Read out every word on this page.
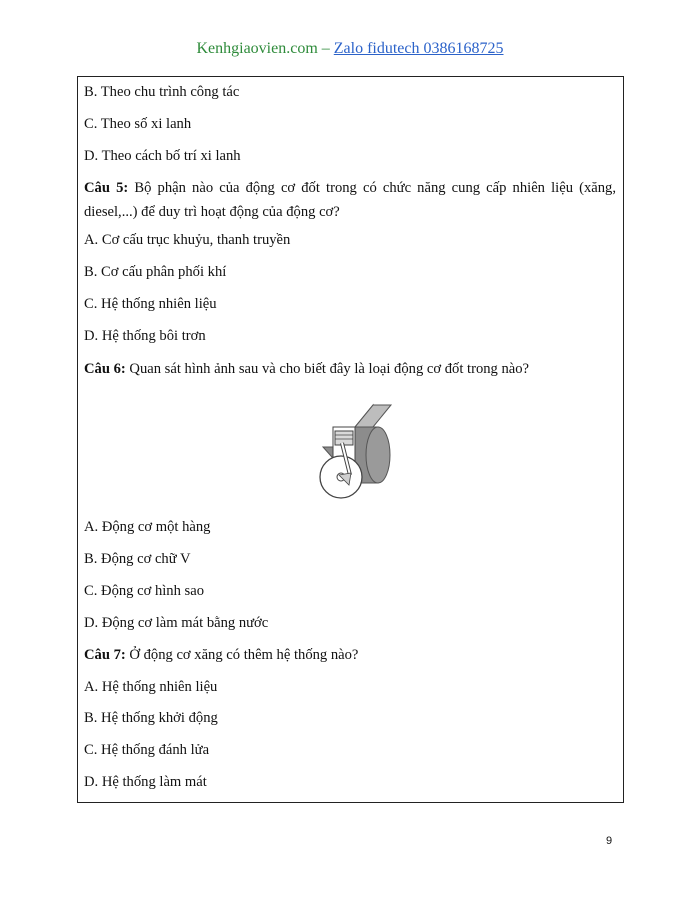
Kenhgiaovien.com – Zalo fidutech 0386168725
B. Theo chu trình công tác
C. Theo số xi lanh
D. Theo cách bố trí xi lanh
Câu 5: Bộ phận nào của động cơ đốt trong có chức năng cung cấp nhiên liệu (xăng, diesel,...) để duy trì hoạt động của động cơ?
A. Cơ cấu trục khuỷu, thanh truyền
B. Cơ cấu phân phối khí
C. Hệ thống nhiên liệu
D. Hệ thống bôi trơn
Câu 6: Quan sát hình ảnh sau và cho biết đây là loại động cơ đốt trong nào?
A. Động cơ một hàng
B. Động cơ chữ V
C. Động cơ hình sao
D. Động cơ làm mát bằng nước
Câu 7: Ở động cơ xăng có thêm hệ thống nào?
A. Hệ thống nhiên liệu
B. Hệ thống khởi động
C. Hệ thống đánh lửa
D. Hệ thống làm mát
9
